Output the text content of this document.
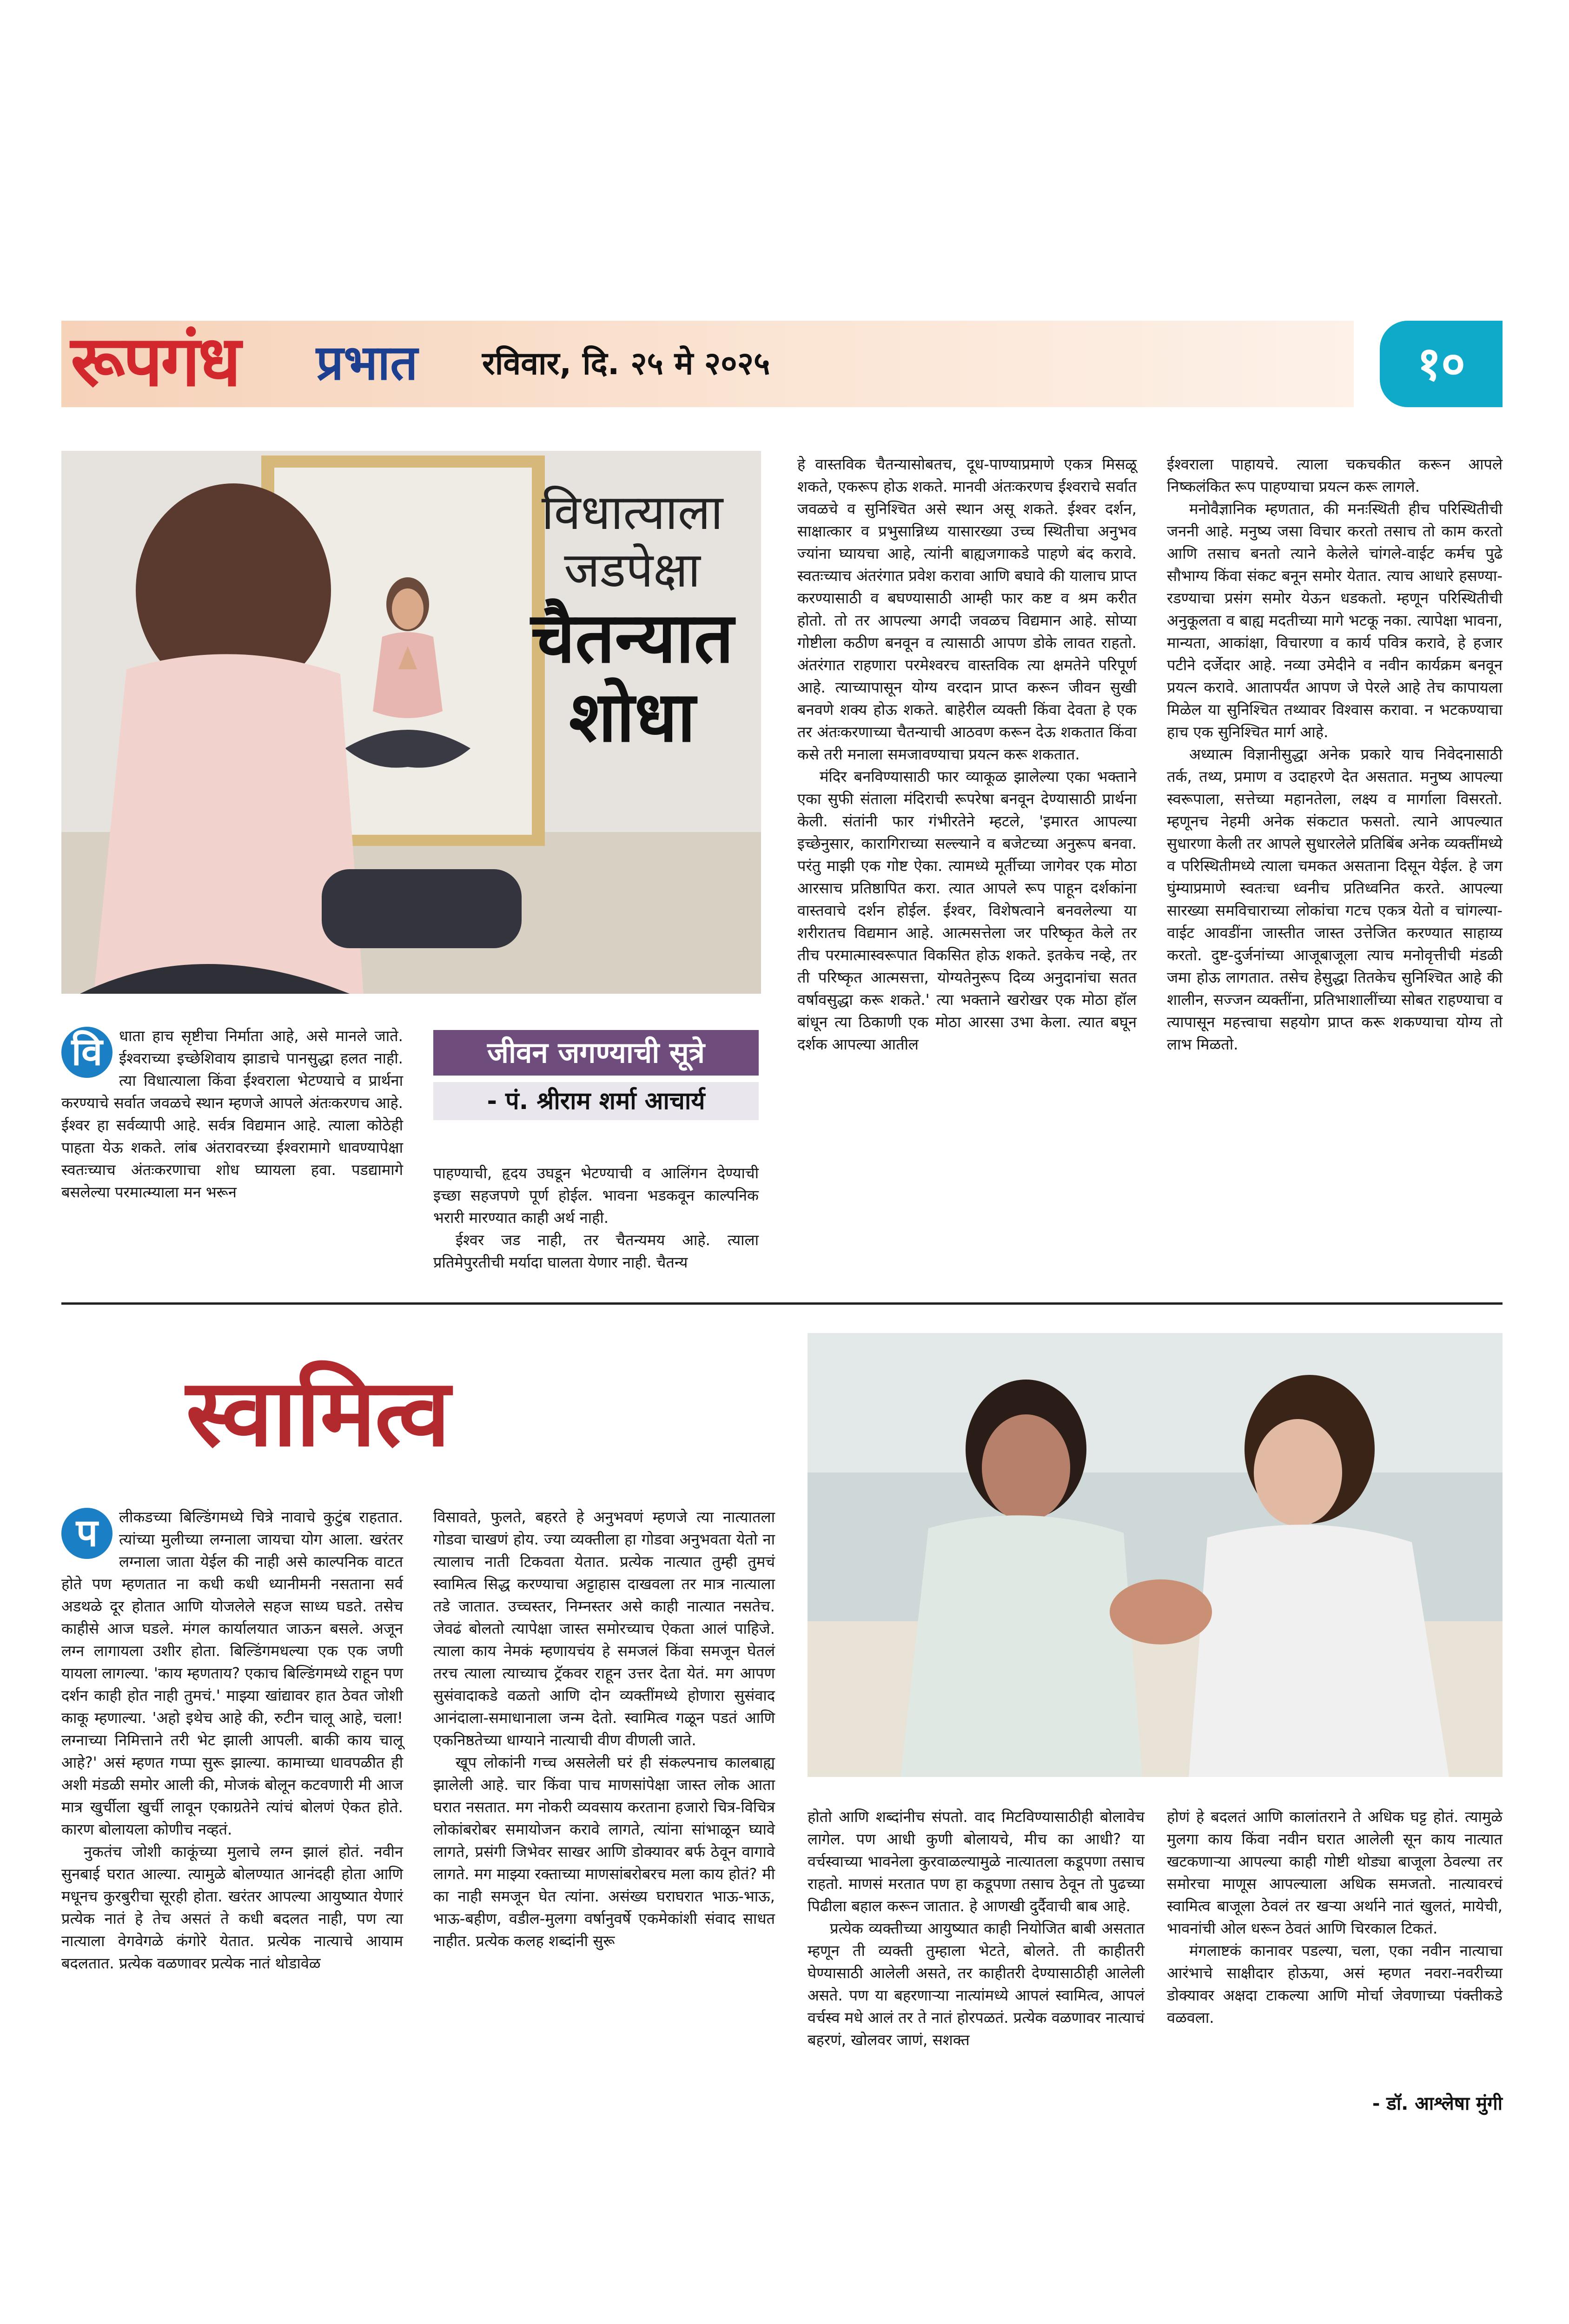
रूपगंध प्रभात रविवार, दि. २५ मे २०२५	१०
विधात्याला
जडपेक्षा
चैतन्यात
शोधा
वि	धाता हाच सृष्टीचा निर्माता आहे, असे मानले जाते. ईश्वराच्या इच्छेशिवाय झाडाचे पानसुद्धा हलत नाही. त्या विधात्याला किंवा ईश्वराला भेटण्याचे व प्रार्थना करण्याचे सर्वात जवळचे स्थान म्हणजे आपले अंतःकरणच आहे. ईश्वर हा सर्वव्यापी आहे. सर्वत्र विद्यमान आहे. त्याला कोठेही पाहता येऊ शकते. लांब अंतरावरच्या ईश्वरामागे धावण्यापेक्षा स्वतःच्याच अंतःकरणाचा शोध घ्यायला हवा. पडद्यामागे बसलेल्या परमात्म्याला मन भरून

जीवन जगण्याची सूत्रे
- पं. श्रीराम शर्मा आचार्य

पाहण्याची, हृदय उघडून भेटण्याची व आलिंगन देण्याची इच्छा सहजपणे पूर्ण होईल. भावना भडकवून काल्पनिक भरारी मारण्यात काही अर्थ नाही.

ईश्वर जड नाही, तर चैतन्यमय आहे. त्याला प्रतिमेपुरतीची मर्यादा घालता येणार नाही. चैतन्य

हे वास्तविक चैतन्यासोबतच, दूध-पाण्याप्रमाणे एकत्र मिसळू शकते, एकरूप होऊ शकते. मानवी अंतःकरणच ईश्वराचे सर्वात जवळचे व सुनिश्चित असे स्थान असू शकते. ईश्वर दर्शन, साक्षात्कार व प्रभुसान्निध्य यासारख्या उच्च स्थितीचा अनुभव ज्यांना घ्यायचा आहे, त्यांनी बाह्यजगाकडे पाहणे बंद करावे. स्वतःच्याच अंतरंगात प्रवेश करावा आणि बघावे की यालाच प्राप्त करण्यासाठी व बघण्यासाठी आम्ही फार कष्ट व श्रम करीत होतो. तो तर आपल्या अगदी जवळच विद्यमान आहे. सोप्या गोष्टीला कठीण बनवून व त्यासाठी आपण डोके लावत राहतो. अंतरंगात राहणारा परमेश्वरच वास्तविक त्या क्षमतेने परिपूर्ण आहे. त्याच्यापासून योग्य वरदान प्राप्त करून जीवन सुखी बनवणे शक्य होऊ शकते. बाहेरील व्यक्ती किंवा देवता हे एक तर अंतःकरणाच्या चैतन्याची आठवण करून देऊ शकतात किंवा कसे तरी मनाला समजावण्याचा प्रयत्न करू शकतात.

मंदिर बनविण्यासाठी फार व्याकूळ झालेल्या एका भक्ताने एका सुफी संताला मंदिराची रूपरेषा बनवून देण्यासाठी प्रार्थना केली. संतांनी फार गंभीरतेने म्हटले, 'इमारत आपल्या इच्छेनुसार, कारागिराच्या सल्ल्याने व बजेटच्या अनुरूप बनवा. परंतु माझी एक गोष्ट ऐका. त्यामध्ये मूर्तीच्या जागेवर एक मोठा आरसाच प्रतिष्ठापित करा. त्यात आपले रूप पाहून दर्शकांना वास्तवाचे दर्शन होईल. ईश्वर, विशेषत्वाने बनवलेल्या या शरीरातच विद्यमान आहे. आत्मसत्तेला जर परिष्कृत केले तर तीच परमात्मास्वरूपात विकसित होऊ शकते. इतकेच नव्हे, तर ती परिष्कृत आत्मसत्ता, योग्यतेनुरूप दिव्य अनुदानांचा सतत वर्षावसुद्धा करू शकते.' त्या भक्ताने खरोखर एक मोठा हॉल बांधून त्या ठिकाणी एक मोठा आरसा उभा केला. त्यात बघून दर्शक आपल्या आतील

ईश्वराला पाहायचे. त्याला चकचकीत करून आपले निष्कलंकित रूप पाहण्याचा प्रयत्न करू लागले.

मनोवैज्ञानिक म्हणतात, की मनःस्थिती हीच परिस्थितीची जननी आहे. मनुष्य जसा विचार करतो तसाच तो काम करतो आणि तसाच बनतो त्याने केलेले चांगले-वाईट कर्मच पुढे सौभाग्य किंवा संकट बनून समोर येतात. त्याच आधारे हसण्या-रडण्याचा प्रसंग समोर येऊन धडकतो. म्हणून परिस्थितीची अनुकूलता व बाह्य मदतीच्या मागे भटकू नका. त्यापेक्षा भावना, मान्यता, आकांक्षा, विचारणा व कार्य पवित्र करावे, हे हजार पटीने दर्जेदार आहे. नव्या उमेदीने व नवीन कार्यक्रम बनवून प्रयत्न करावे. आतापर्यंत आपण जे पेरले आहे तेच कापायला मिळेल या सुनिश्चित तथ्यावर विश्वास करावा. न भटकण्याचा हाच एक सुनिश्चित मार्ग आहे.

अध्यात्म विज्ञानीसुद्धा अनेक प्रकारे याच निवेदनासाठी तर्क, तथ्य, प्रमाण व उदाहरणे देत असतात. मनुष्य आपल्या स्वरूपाला, सत्तेच्या महानतेला, लक्ष्य व मार्गाला विसरतो. म्हणूनच नेहमी अनेक संकटात फसतो. त्याने आपल्यात सुधारणा केली तर आपले सुधारलेले प्रतिबिंब अनेक व्यक्तींमध्ये व परिस्थितीमध्ये त्याला चमकत असताना दिसून येईल. हे जग घुंम्याप्रमाणे स्वतःचा ध्वनीच प्रतिध्वनित करते. आपल्या सारख्या समविचाराच्या लोकांचा गटच एकत्र येतो व चांगल्या-वाईट आवडींना जास्तीत जास्त उत्तेजित करण्यात साहाय्य करतो. दुष्ट-दुर्जनांच्या आजूबाजूला त्याच मनोवृत्तीची मंडळी जमा होऊ लागतात. तसेच हेसुद्धा तितकेच सुनिश्चित आहे की शालीन, सज्जन व्यक्तींना, प्रतिभाशालींच्या सोबत राहण्याचा व त्यापासून महत्त्वाचा सहयोग प्राप्त करू शकण्याचा योग्य तो लाभ मिळतो.

स्वामित्व
प	लीकडच्या बिल्डिंगमध्ये चित्रे नावाचे कुटुंब राहतात. त्यांच्या मुलीच्या लग्नाला जायचा योग आला. खरंतर लग्नाला जाता येईल की नाही असे काल्पनिक वाटत होते पण म्हणतात ना कधी कधी ध्यानीमनी नसताना सर्व अडथळे दूर होतात आणि योजलेले सहज साध्य घडते. तसेच काहीसे आज घडले. मंगल कार्यालयात जाऊन बसले. अजून लग्न लागायला उशीर होता. बिल्डिंगमधल्या एक एक जणी यायला लागल्या. 'काय म्हणताय? एकाच बिल्डिंगमध्ये राहून पण दर्शन काही होत नाही तुमचं.' माझ्या खांद्यावर हात ठेवत जोशी काकू म्हणाल्या. 'अहो इथेच आहे की, रुटीन चालू आहे, चला! लग्नाच्या निमित्ताने तरी भेट झाली आपली. बाकी काय चालू आहे?' असं म्हणत गप्पा सुरू झाल्या. कामाच्या धावपळीत ही अशी मंडळी समोर आली की, मोजकं बोलून कटवणारी मी आज मात्र खुर्चीला खुर्ची लावून एकाग्रतेने त्यांचं बोलणं ऐकत होते. कारण बोलायला कोणीच नव्हतं.

नुकतंच जोशी काकूंच्या मुलाचे लग्न झालं होतं. नवीन सुनबाई घरात आल्या. त्यामुळे बोलण्यात आनंदही होता आणि मधूनच कुरबुरीचा सूरही होता. खरंतर आपल्या आयुष्यात येणारं प्रत्येक नातं हे तेच असतं ते कधी बदलत नाही, पण त्या नात्याला वेगवेगळे कंगोरे येतात. प्रत्येक नात्याचे आयाम बदलतात. प्रत्येक वळणावर प्रत्येक नातं थोडावेळ

विसावते, फुलते, बहरते हे अनुभवणं म्हणजे त्या नात्यातला गोडवा चाखणं होय. ज्या व्यक्तीला हा गोडवा अनुभवता येतो ना त्यालाच नाती टिकवता येतात. प्रत्येक नात्यात तुम्ही तुमचं स्वामित्व सिद्ध करण्याचा अट्टाहास दाखवला तर मात्र नात्याला तडे जातात. उच्चस्तर, निम्नस्तर असे काही नात्यात नसतेच. जेवढं बोलतो त्यापेक्षा जास्त समोरच्याच ऐकता आलं पाहिजे. त्याला काय नेमकं म्हणायचंय हे समजलं किंवा समजून घेतलं तरच त्याला त्याच्याच ट्रॅकवर राहून उत्तर देता येतं. मग आपण सुसंवादाकडे वळतो आणि दोन व्यक्तींमध्ये होणारा सुसंवाद आनंदाला-समाधानाला जन्म देतो. स्वामित्व गळून पडतं आणि एकनिष्ठतेच्या धाग्याने नात्याची वीण वीणली जाते.

खूप लोकांनी गच्च असलेली घरं ही संकल्पनाच कालबाह्य झालेली आहे. चार किंवा पाच माणसांपेक्षा जास्त लोक आता घरात नसतात. मग नोकरी व्यवसाय करताना हजारो चित्र-विचित्र लोकांबरोबर समायोजन करावे लागते, त्यांना सांभाळून घ्यावे लागते, प्रसंगी जिभेवर साखर आणि डोक्यावर बर्फ ठेवून वागावे लागते. मग माझ्या रक्ताच्या माणसांबरोबरच मला काय होतं? मी का नाही समजून घेत त्यांना. असंख्य घराघरात भाऊ-भाऊ, भाऊ-बहीण, वडील-मुलगा वर्षानुवर्षे एकमेकांशी संवाद साधत नाहीत. प्रत्येक कलह शब्दांनी सुरू

होतो आणि शब्दांनीच संपतो. वाद मिटविण्यासाठीही बोलावेच लागेल. पण आधी कुणी बोलायचे, मीच का आधी? या वर्चस्वाच्या भावनेला कुरवाळल्यामुळे नात्यातला कडूपणा तसाच राहतो. माणसं मरतात पण हा कडूपणा तसाच ठेवून तो पुढच्या पिढीला बहाल करून जातात. हे आणखी दुर्दैवाची बाब आहे.

प्रत्येक व्यक्तीच्या आयुष्यात काही नियोजित बाबी असतात म्हणून ती व्यक्ती तुम्हाला भेटते, बोलते. ती काहीतरी घेण्यासाठी आलेली असते, तर काहीतरी देण्यासाठीही आलेली असते. पण या बहरणाऱ्या नात्यांमध्ये आपलं स्वामित्व, आपलं वर्चस्व मधे आलं तर ते नातं होरपळतं. प्रत्येक वळणावर नात्याचं बहरणं, खोलवर जाणं, सशक्त

होणं हे बदलतं आणि कालांतराने ते अधिक घट्ट होतं. त्यामुळे मुलगा काय किंवा नवीन घरात आलेली सून काय नात्यात खटकणाऱ्या आपल्या काही गोष्टी थोड्या बाजूला ठेवल्या तर समोरचा माणूस आपल्याला अधिक समजतो. नात्यावरचं स्वामित्व बाजूला ठेवलं तर खऱ्या अर्थाने नातं खुलतं, मायेची, भावनांची ओल धरून ठेवतं आणि चिरकाल टिकतं.

मंगलाष्टकं कानावर पडल्या, चला, एका नवीन नात्याचा आरंभाचे साक्षीदार होऊया, असं म्हणत नवरा-नवरीच्या डोक्यावर अक्षदा टाकल्या आणि मोर्चा जेवणाच्या पंक्तीकडे वळवला.

- डॉ. आश्लेषा मुंगी
